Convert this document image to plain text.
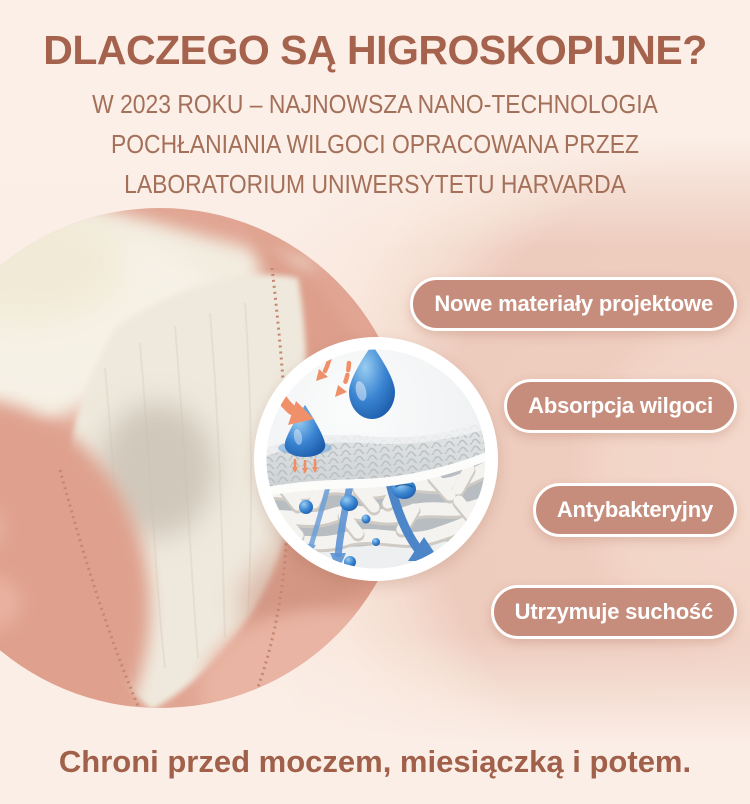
DLACZEGO SĄ HIGROSKOPIJNE?
W 2023 ROKU – NAJNOWSZA NANO-TECHNOLOGIA
POCHŁANIANIA WILGOCI OPRACOWANA PRZEZ
LABORATORIUM UNIWERSYTETU HARVARDA
Nowe materiały projektowe
Absorpcja wilgoci
Antybakteryjny
Utrzymuje suchość

Chroni przed moczem, miesiączką i potem.
